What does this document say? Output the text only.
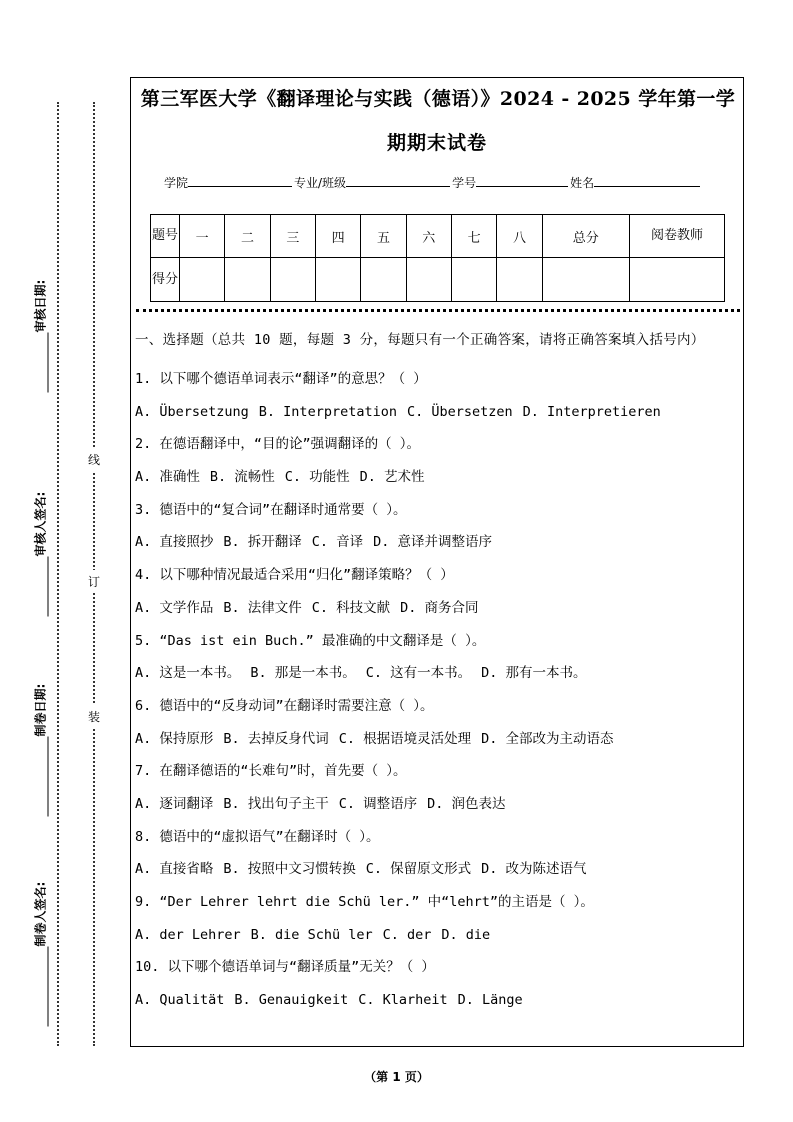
审核日期:
审核人签名:
制卷日期:
制卷人签名:
线
订
装
第三军医大学《翻译理论与实践（德语）》2024 - 2025 学年第一学
期期末试卷
学院	专业/班级	学号	姓名
题号	一	二	三	四	五	六	七	八	总分	阅卷教师
得分										
一、选择题（总共 10 题，每题 3 分，每题只有一个正确答案，请将正确答案填入括号内）
1. 以下哪个德语单词表示“翻译”的意思？（ ）
A. Übersetzung B. Interpretation C. Übersetzen D. Interpretieren
2. 在德语翻译中，“目的论”强调翻译的（ ）。
A. 准确性 B. 流畅性 C. 功能性 D. 艺术性
3. 德语中的“复合词”在翻译时通常要（ ）。
A. 直接照抄 B. 拆开翻译 C. 音译 D. 意译并调整语序
4. 以下哪种情况最适合采用“归化”翻译策略？（ ）
A. 文学作品 B. 法律文件 C. 科技文献 D. 商务合同
5. “Das ist ein Buch.” 最准确的中文翻译是（ ）。
A. 这是一本书。 B. 那是一本书。 C. 这有一本书。 D. 那有一本书。
6. 德语中的“反身动词”在翻译时需要注意（ ）。
A. 保持原形 B. 去掉反身代词 C. 根据语境灵活处理 D. 全部改为主动语态
7. 在翻译德语的“长难句”时，首先要（ ）。
A. 逐词翻译 B. 找出句子主干 C. 调整语序 D. 润色表达
8. 德语中的“虚拟语气”在翻译时（ ）。
A. 直接省略 B. 按照中文习惯转换 C. 保留原文形式 D. 改为陈述语气
9. “Der Lehrer lehrt die Schü ler.” 中“lehrt”的主语是（ ）。
A. der Lehrer B. die Schü ler C. der D. die
10. 以下哪个德语单词与“翻译质量”无关？（ ）
A. Qualität B. Genauigkeit C. Klarheit D. Länge
（第 1 页）
